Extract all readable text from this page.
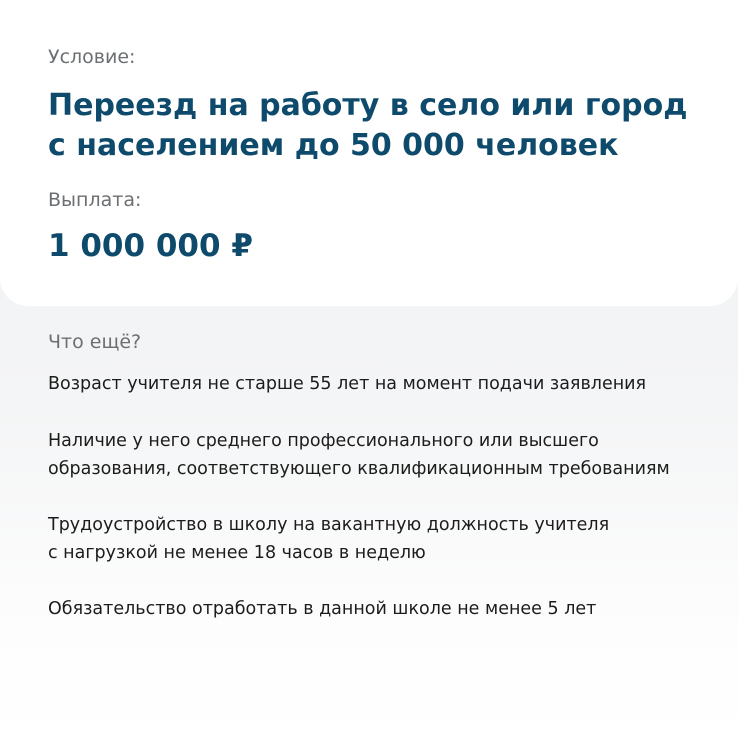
Условие:
Переезд на работу в село или город
с населением до 50 000 человек
Выплата:
1 000 000 ₽
Что ещё?

Возраст учителя не старше 55 лет на момент подачи заявления

Наличие у него среднего профессионального или высшего
образования, соответствующего квалификационным требованиям

Трудоустройство в школу на вакантную должность учителя
с нагрузкой не менее 18 часов в неделю

Обязательство отработать в данной школе не менее 5 лет
